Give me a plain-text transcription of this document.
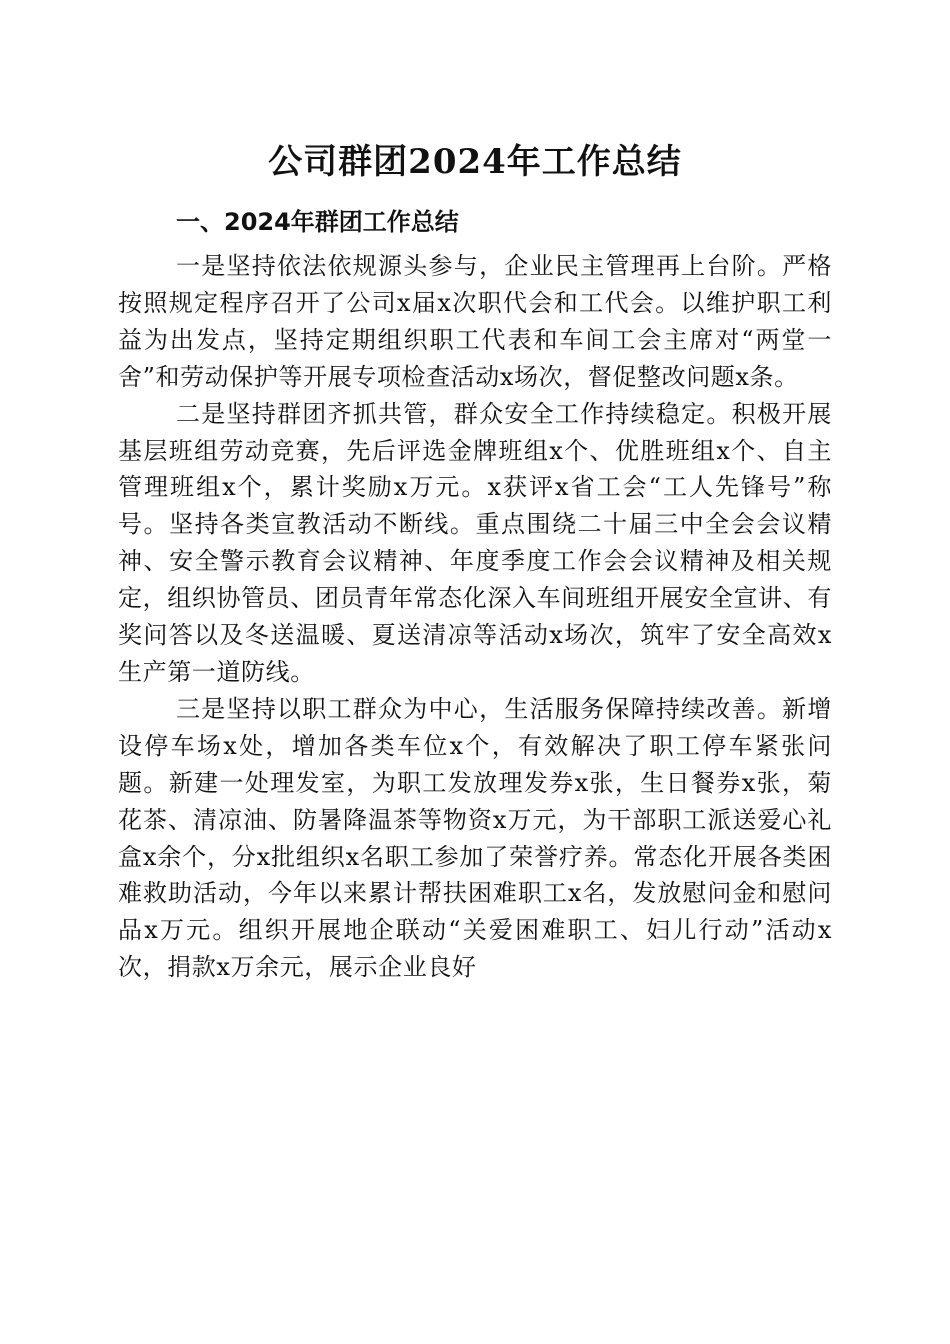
公司群团2024年工作总结
一、2024年群团工作总结

一是坚持依法依规源头参与，企业民主管理再上台阶。严格按照规定程序召开了公司x届x次职代会和工代会。以维护职工利益为出发点，坚持定期组织职工代表和车间工会主席对“两堂一舍”和劳动保护等开展专项检查活动x场次，督促整改问题x条。

二是坚持群团齐抓共管，群众安全工作持续稳定。积极开展基层班组劳动竞赛，先后评选金牌班组x个、优胜班组x个、自主管理班组x个，累计奖励x万元。x获评x省工会“工人先锋号”称号。坚持各类宣教活动不断线。重点围绕二十届三中全会会议精神、安全警示教育会议精神、年度季度工作会会议精神及相关规定，组织协管员、团员青年常态化深入车间班组开展安全宣讲、有奖问答以及冬送温暖、夏送清凉等活动x场次，筑牢了安全高效x生产第一道防线。

三是坚持以职工群众为中心，生活服务保障持续改善。新增设停车场x处，增加各类车位x个，有效解决了职工停车紧张问题。新建一处理发室，为职工发放理发券x张，生日餐券x张，菊花茶、清凉油、防暑降温茶等物资x万元，为干部职工派送爱心礼盒x余个，分x批组织x名职工参加了荣誉疗养。常态化开展各类困难救助活动，今年以来累计帮扶困难职工x名，发放慰问金和慰问品x万元。组织开展地企联动“关爱困难职工、妇儿行动”活动x次，捐款x万余元，展示企业良好
